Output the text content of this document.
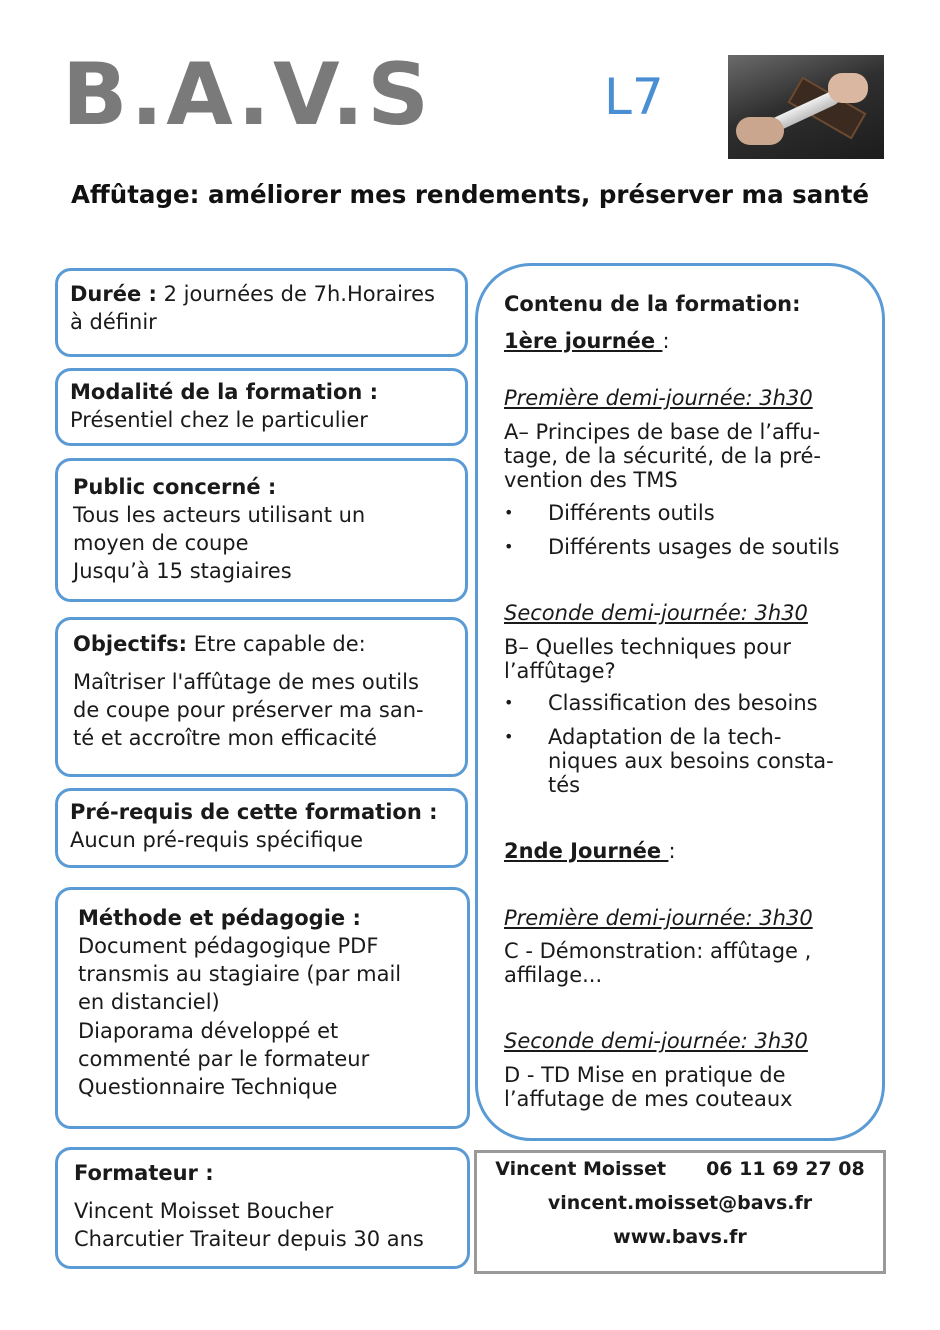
B.A.V.S	L7
Affûtage: améliorer mes rendements, préserver ma santé
Durée : 2 journées de 7h.Horaires
à définir
Modalité de la formation :
Présentiel chez le particulier
Public concerné :
Tous les acteurs utilisant un
moyen de coupe
Jusqu’à 15 stagiaires
Objectifs: Etre capable de:
Maîtriser l'affûtage de mes outils
de coupe pour préserver ma san-
té et accroître mon efficacité
Pré-requis de cette formation :
Aucun pré-requis spécifique
Méthode et pédagogie :
Document pédagogique PDF
transmis au stagiaire (par mail
en distanciel)
Diaporama développé et
commenté par le formateur
Questionnaire Technique
Formateur :
Vincent Moisset Boucher
Charcutier Traiteur depuis 30 ans
Contenu de la formation:
1ère journée :
Première demi-journée: 3h30
A– Principes de base de l’affu-
tage, de la sécurité, de la pré-
vention des TMS
• Différents outils
• Différents usages de soutils
Seconde demi-journée: 3h30
B– Quelles techniques pour
l’affûtage?
• Classification des besoins
• Adaptation de la tech-
niques aux besoins consta-
tés
2nde Journée :
Première demi-journée: 3h30
C - Démonstration: affûtage ,
affilage...
Seconde demi-journée: 3h30
D - TD Mise en pratique de
l’affutage de mes couteaux
Vincent Moisset 06 11 69 27 08
vincent.moisset@bavs.fr
www.bavs.fr
